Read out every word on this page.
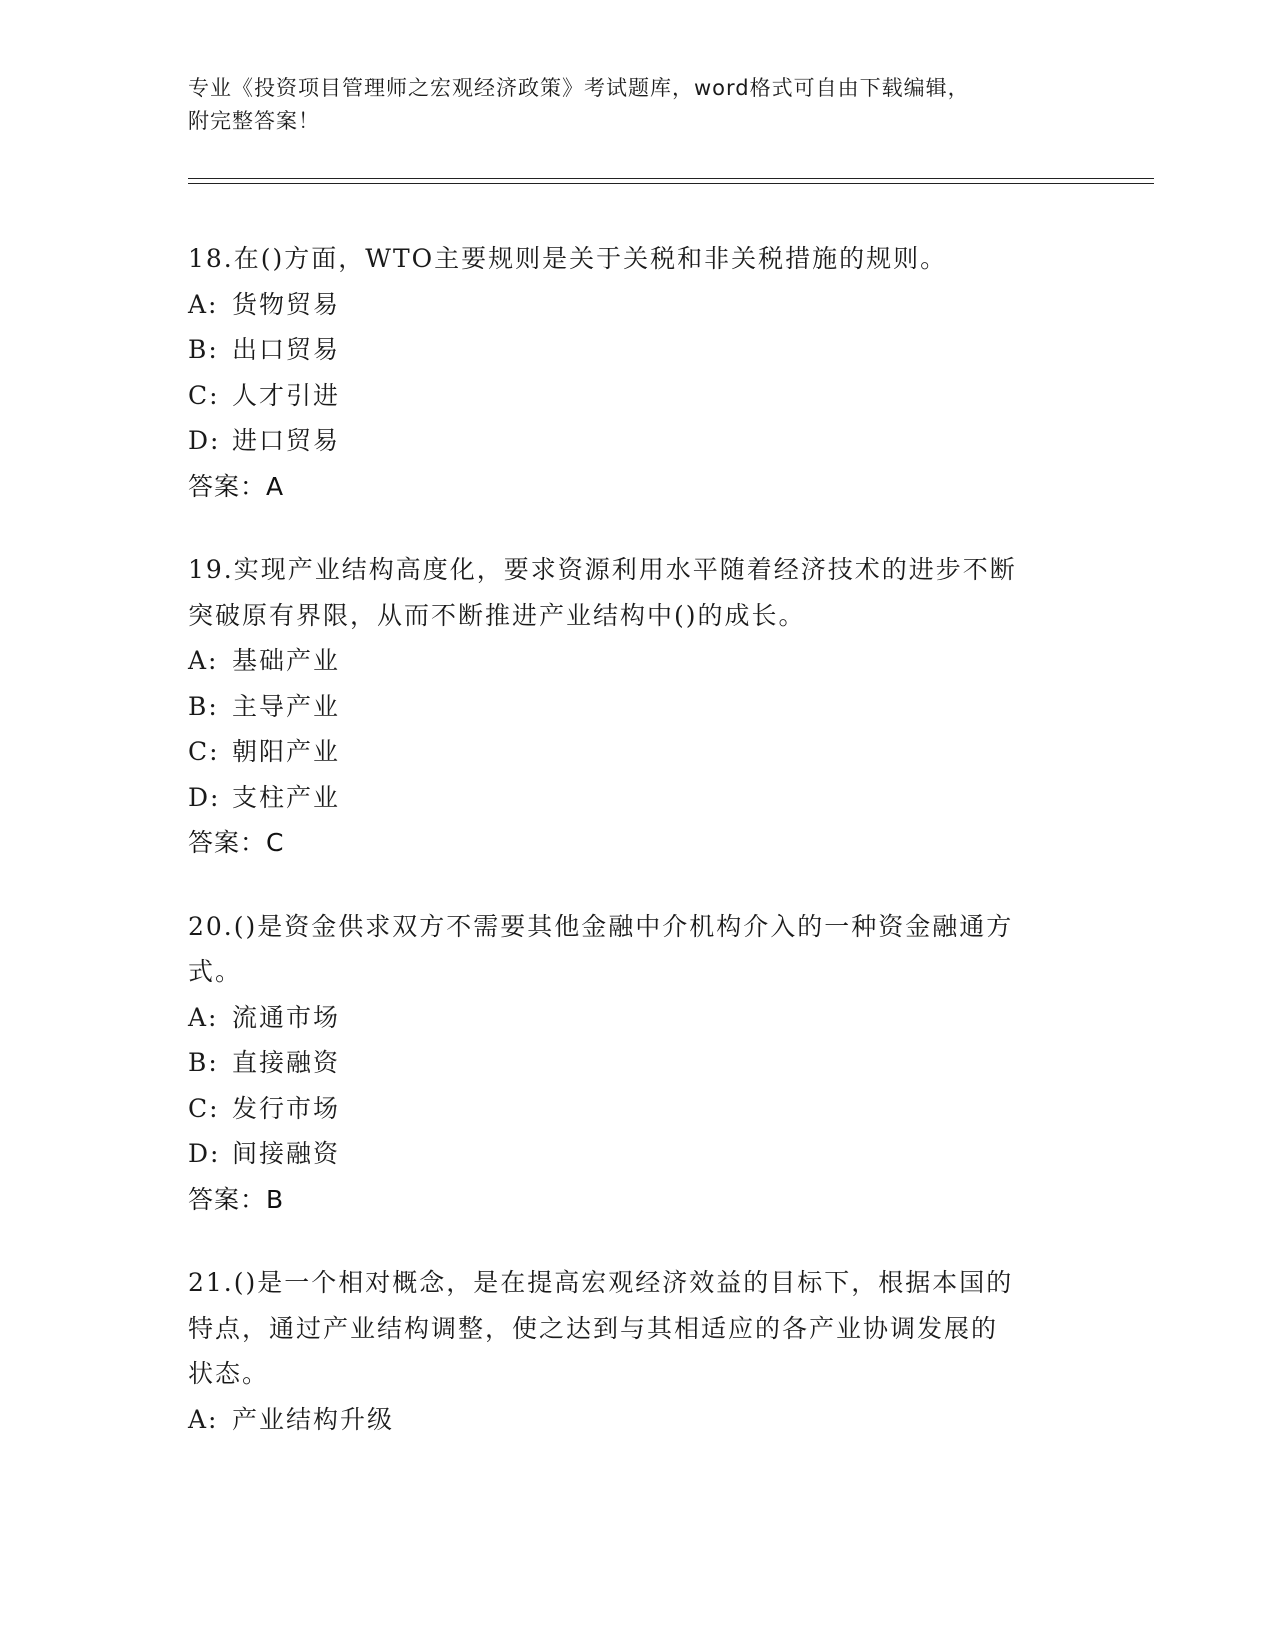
专业《投资项目管理师之宏观经济政策》考试题库，word格式可自由下载编辑，
附完整答案！
18.在()方面，WTO主要规则是关于关税和非关税措施的规则。
A: 货物贸易
B: 出口贸易
C: 人才引进
D: 进口贸易
答案：A
19.实现产业结构高度化，要求资源利用水平随着经济技术的进步不断
突破原有界限，从而不断推进产业结构中()的成长。
A: 基础产业
B: 主导产业
C: 朝阳产业
D: 支柱产业
答案：C
20.()是资金供求双方不需要其他金融中介机构介入的一种资金融通方
式。
A: 流通市场
B: 直接融资
C: 发行市场
D: 间接融资
答案：B
21.()是一个相对概念，是在提高宏观经济效益的目标下，根据本国的
特点，通过产业结构调整，使之达到与其相适应的各产业协调发展的
状态。
A: 产业结构升级
